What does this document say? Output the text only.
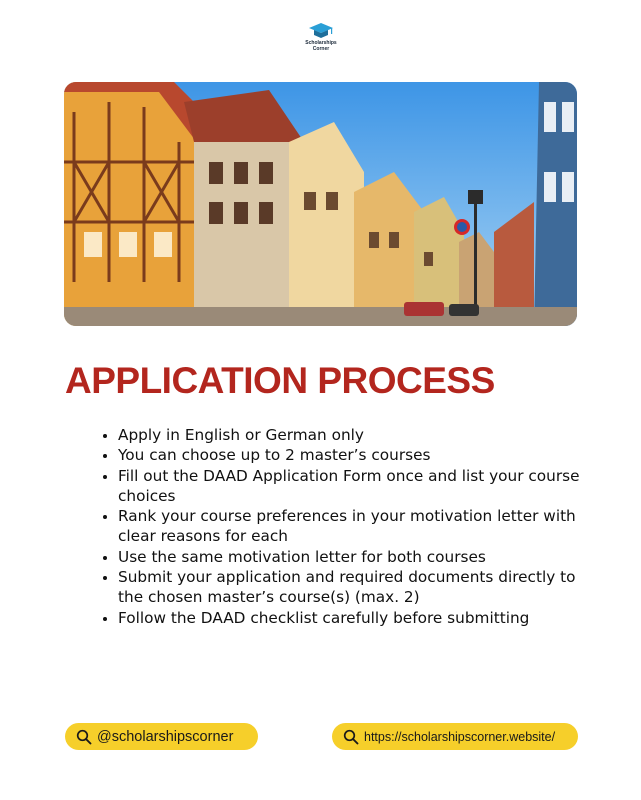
Scholarships
Corner
APPLICATION PROCESS
• Apply in English or German only
• You can choose up to 2 master’s courses
• Fill out the DAAD Application Form once and list your course choices
• Rank your course preferences in your motivation letter with clear reasons for each
• Use the same motivation letter for both courses
• Submit your application and required documents directly to the chosen master’s course(s) (max. 2)
• Follow the DAAD checklist carefully before submitting
@scholarshipscorner	https://scholarshipscorner.website/
